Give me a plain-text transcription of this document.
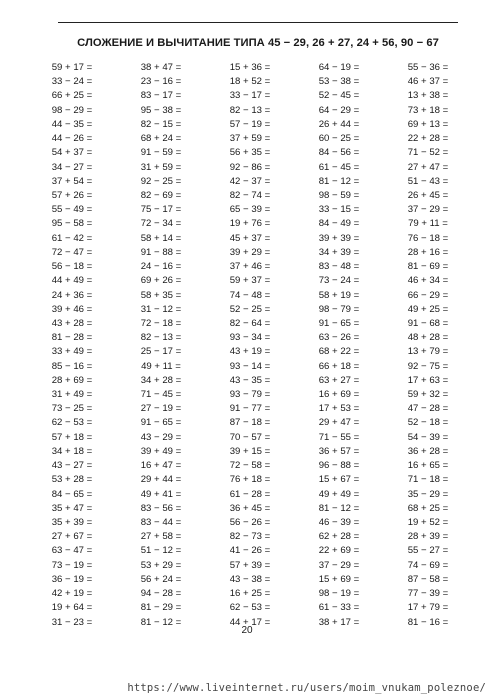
СЛОЖЕНИЕ И ВЫЧИТАНИЕ ТИПА 45 − 29, 26 + 27, 24 + 56, 90 − 67
59 + 17 =
33 − 24 =
66 + 25 =
98 − 29 =
44 − 35 =
44 − 26 =
54 + 37 =
34 − 27 =
37 + 54 =
57 + 26 =
55 − 49 =
95 − 58 =
61 − 42 =
72 − 47 =
56 − 18 =
44 + 49 =
24 + 36 =
39 + 46 =
43 + 28 =
81 − 28 =
33 + 49 =
85 − 16 =
28 + 69 =
31 + 49 =
73 − 25 =
62 − 53 =
57 + 18 =
34 + 18 =
43 − 27 =
53 + 28 =
84 − 65 =
35 + 47 =
35 + 39 =
27 + 67 =
63 − 47 =
73 − 19 =
36 − 19 =
42 + 19 =
19 + 64 =
31 − 23 =
38 + 47 =
23 − 16 =
83 − 17 =
95 − 38 =
82 − 15 =
68 + 24 =
91 − 59 =
31 + 59 =
92 − 25 =
82 − 69 =
75 − 17 =
72 − 34 =
58 + 14 =
91 − 88 =
24 − 16 =
69 + 26 =
58 + 35 =
31 − 12 =
72 − 18 =
82 − 13 =
25 − 17 =
49 + 11 =
34 + 28 =
71 − 45 =
27 − 19 =
91 − 65 =
43 − 29 =
39 + 49 =
16 + 47 =
29 + 44 =
49 + 41 =
83 − 56 =
83 − 44 =
27 + 58 =
51 − 12 =
53 + 29 =
56 + 24 =
94 − 28 =
81 − 29 =
81 − 12 =
15 + 36 =
18 + 52 =
33 − 17 =
82 − 13 =
57 − 19 =
37 + 59 =
56 + 35 =
92 − 86 =
42 − 37 =
82 − 74 =
65 − 39 =
19 + 76 =
45 + 37 =
39 + 29 =
37 + 46 =
59 + 37 =
74 − 48 =
52 − 25 =
82 − 64 =
93 − 34 =
43 + 19 =
93 − 14 =
43 − 35 =
93 − 79 =
91 − 77 =
87 − 18 =
70 − 57 =
39 + 15 =
72 − 58 =
76 + 18 =
61 − 28 =
36 + 45 =
56 − 26 =
82 − 73 =
41 − 26 =
57 + 39 =
43 − 38 =
16 + 25 =
62 − 53 =
44 + 17 =
64 − 19 =
53 − 38 =
52 − 45 =
64 − 29 =
26 + 44 =
60 − 25 =
84 − 56 =
61 − 45 =
81 − 12 =
98 − 59 =
33 − 15 =
84 − 49 =
39 + 39 =
34 + 39 =
83 − 48 =
73 − 24 =
58 + 19 =
98 − 79 =
91 − 65 =
63 − 26 =
68 + 22 =
66 + 18 =
63 + 27 =
16 + 69 =
17 + 53 =
29 + 47 =
71 − 55 =
36 + 57 =
96 − 88 =
15 + 67 =
49 + 49 =
81 − 12 =
46 − 39 =
62 + 28 =
22 + 69 =
37 − 29 =
15 + 69 =
98 − 19 =
61 − 33 =
38 + 17 =
55 − 36 =
46 + 37 =
13 + 38 =
73 + 18 =
69 + 13 =
22 + 28 =
71 − 52 =
27 + 47 =
51 − 43 =
26 + 45 =
37 − 29 =
79 + 11 =
76 − 18 =
28 + 16 =
81 − 69 =
46 + 34 =
66 − 29 =
49 + 25 =
91 − 68 =
48 + 28 =
13 + 79 =
92 − 75 =
17 + 63 =
59 + 32 =
47 − 28 =
52 − 18 =
54 − 39 =
36 + 28 =
16 + 65 =
71 − 18 =
35 − 29 =
68 + 25 =
19 + 52 =
28 + 39 =
55 − 27 =
74 − 69 =
87 − 58 =
77 − 39 =
17 + 79 =
81 − 16 =
20
https://www.liveinternet.ru/users/moim_vnukam_poleznoe/
